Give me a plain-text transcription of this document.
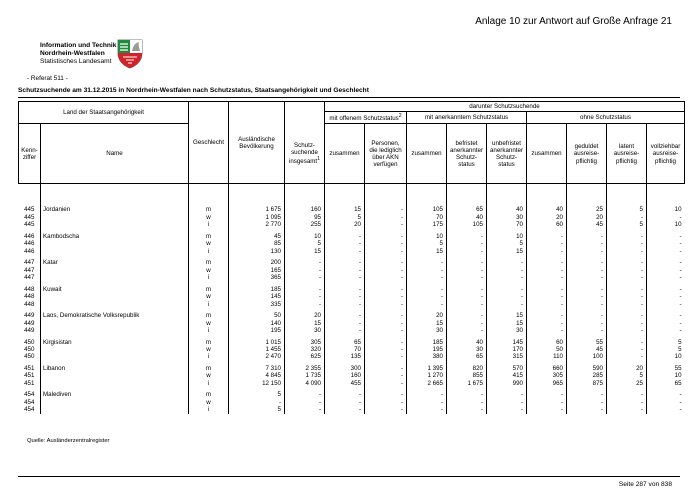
Anlage 10 zur Antwort auf Große Anfrage 21
Information und Technik
Nordrhein-Westfalen
Statistisches Landesamt
- Referat 511 -
Schutzsuchende am 31.12.2015 in Nordrhein-Westfalen nach Schutzstatus, Staatsangehörigkeit und Geschlecht
Land der Staatsangehörigkeit		Geschlecht	Ausländische Bevölkerung		darunter Schutzsuchende								
					mit offenem Schutzstatus$^2$		mit anerkanntem Schutzstatus			ohne Schutzstatus			
Kenn-ziffer	Name			Schutz-suchende insgesamt$^1$	zusammen	Personen, die lediglich über AKN verfügen	zusammen	befristet anerkannter Schutz-status	unbefristet anerkannter Schutz-status	zusammen	geduldet ausreise-pflichtig	latent ausreise-pflichtig	vollziehbar ausreise-pflichtig

445	Jordanien	m	1 675	160	15	-	105	65	40	40	25	5	10
445		w	1 095	95	5	-	70	40	30	20	20	-	-
445		i	2 770	255	20	-	175	105	70	60	45	5	10

446	Kambodscha	m	45	10	-	-	10	-	10	-	-	-	-
446		w	85	5	-	-	5	-	5	-	-	-	-
446		i	130	15	-	-	15	-	15	-	-	-	-

447	Katar	m	200	-	-	-	-	-	-	-	-	-	-
447		w	165	-	-	-	-	-	-	-	-	-	-
447		i	365	-	-	-	-	-	-	-	-	-	-

448	Kuwait	m	185	-	-	-	-	-	-	-	-	-	-
448		w	145	-	-	-	-	-	-	-	-	-	-
448		i	335	-	-	-	-	-	-	-	-	-	-

449	Laos, Demokratische Volksrepublik	m	50	20	-	-	20	-	15	-	-	-	-
449		w	140	15	-	-	15	-	15	-	-	-	-
449		i	195	30	-	-	30	-	30	-	-	-	-

450	Kirgisistan	m	1 015	305	65	-	185	40	145	60	55	-	5
450		w	1 455	320	70	-	195	30	170	50	45	-	5
450		i	2 470	625	135	-	380	65	315	110	100	-	10

451	Libanon	m	7 310	2 355	300	-	1 395	820	570	660	590	20	55
451		w	4 845	1 735	160	-	1 270	855	415	305	285	5	10
451		i	12 150	4 090	455	-	2 665	1 675	990	965	875	25	65

454	Malediven	m	5	-	-	-	-	-	-	-	-	-	-
454		w	-	-	-	-	-	-	-	-	-	-	-
454		i	5	-	-	-	-	-	-	-	-	-	-
Quelle: Ausländerzentralregister
Seite 287 von 838
